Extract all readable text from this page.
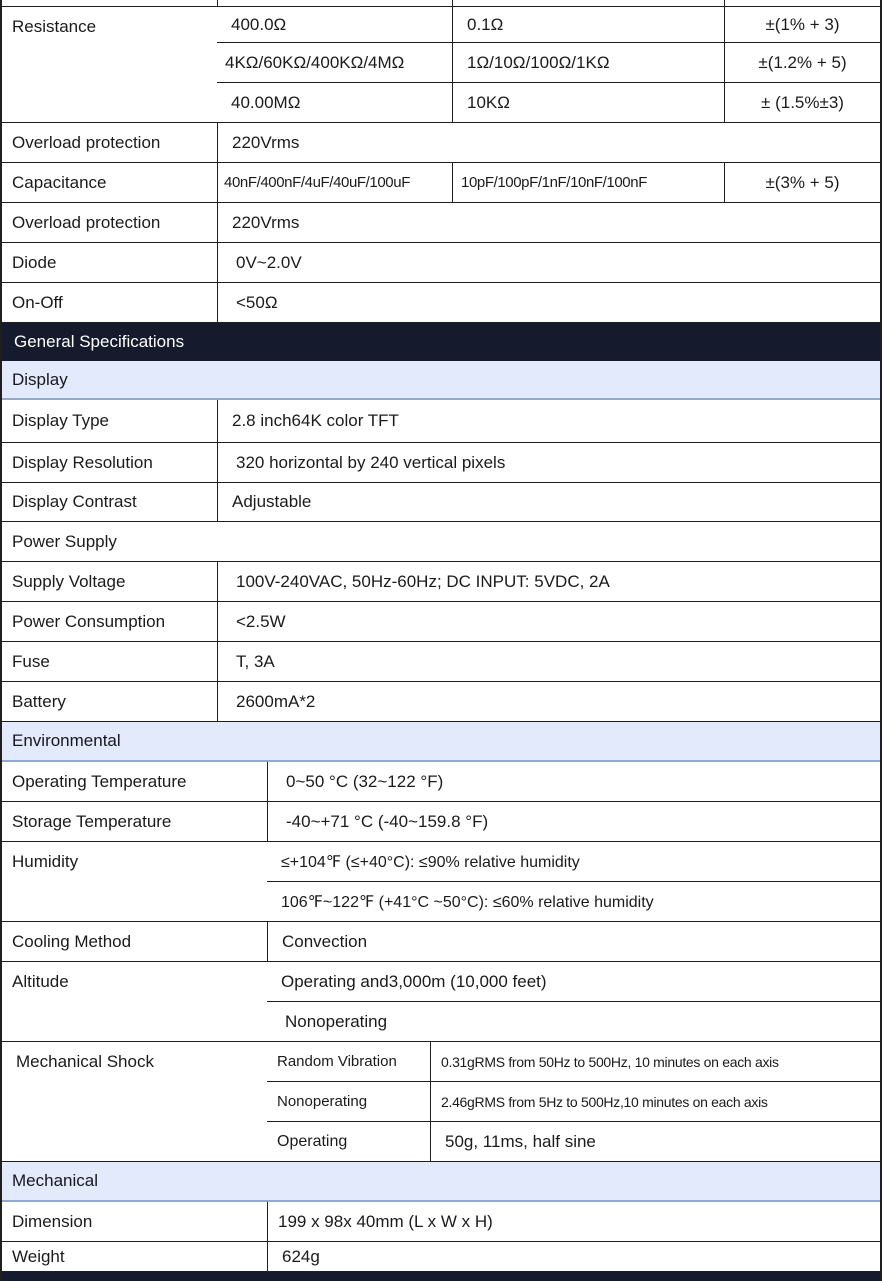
Resistance	400.0Ω	0.1Ω	±(1% + 3)
4KΩ/60KΩ/400KΩ/4MΩ	1Ω/10Ω/100Ω/1KΩ	±(1.2% + 5)
40.00MΩ	10KΩ	± (1.5%±3)
Overload protection	220Vrms
Capacitance	40nF/400nF/4uF/40uF/100uF	10pF/100pF/1nF/10nF/100nF	±(3% + 5)
Overload protection	220Vrms
Diode	0V~2.0V
On-Off	<50Ω
General Specifications
Display
Display Type	2.8 inch64K color TFT
Display Resolution	320 horizontal by 240 vertical pixels
Display Contrast	Adjustable
Power Supply
Supply Voltage	100V-240VAC, 50Hz-60Hz; DC INPUT: 5VDC, 2A
Power Consumption	<2.5W
Fuse	T, 3A
Battery	2600mA*2
Environmental
Operating Temperature	0~50 °C (32~122 °F)
Storage Temperature	-40~+71 °C (-40~159.8 °F)
Humidity	≤+104℉ (≤+40°C): ≤90% relative humidity
106℉~122℉ (+41°C ~50°C): ≤60% relative humidity
Cooling Method	Convection
Altitude	Operating and3,000m (10,000 feet)
Nonoperating
Mechanical Shock	Random Vibration	0.31gRMS from 50Hz to 500Hz, 10 minutes on each axis
Nonoperating	2.46gRMS from 5Hz to 500Hz,10 minutes on each axis
Operating	50g, 11ms, half sine
Mechanical
Dimension	199 x 98x 40mm (L x W x H)
Weight	624g
